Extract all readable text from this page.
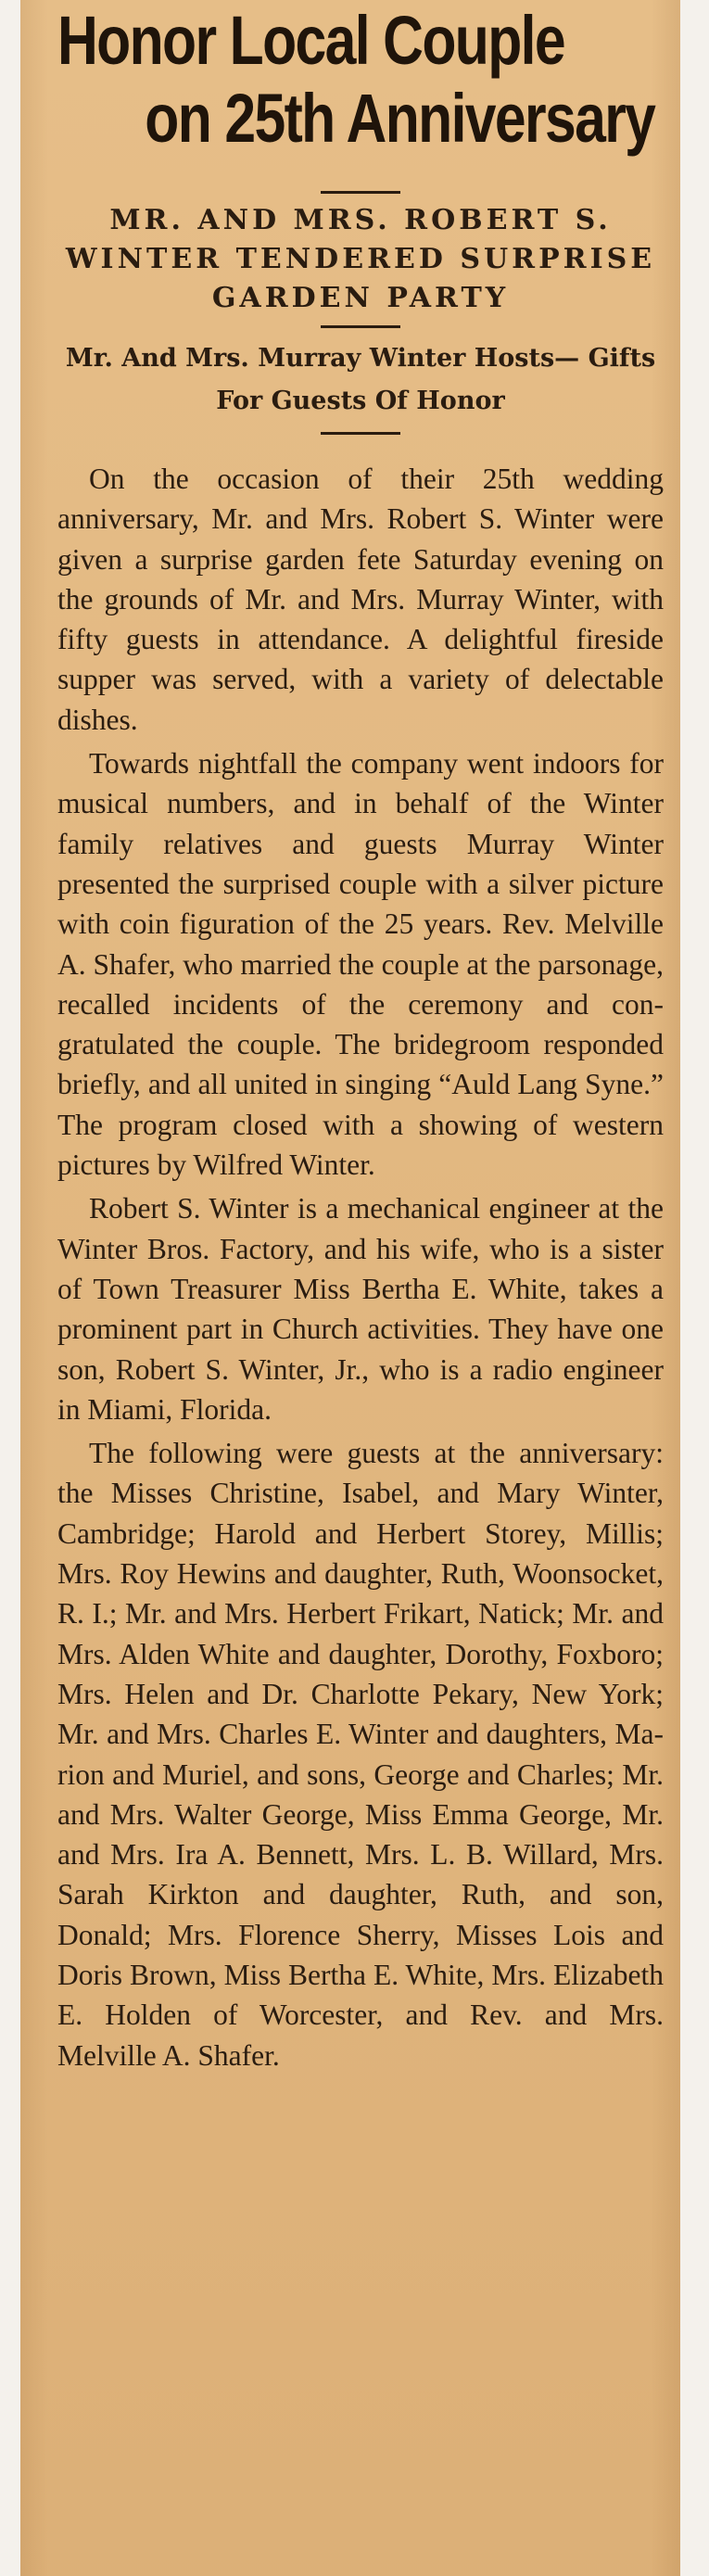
Honor Local Couple
on 25th Anniversary
MR. AND MRS. ROBERT S. WINTER TENDERED SURPRISE GARDEN PARTY
Mr. And Mrs. Murray Winter Hosts— Gifts For Guests Of Honor

On the occasion of their 25th wedding anniversary, Mr. and Mrs. Robert S. Winter were given a surprise garden fete Saturday evening on the grounds of Mr. and Mrs. Murray Winter, with fifty guests in attendance. A delightful fireside supper was served, with a variety of delectable dishes.

Towards nightfall the company went indoors for musical numbers, and in behalf of the Winter family relatives and guests Murray Winter presented the surprised couple with a silver picture with coin figuration of the 25 years. Rev. Melville A. Shafer, who married the couple at the parsonage, recalled incidents of the ceremony and congratulated the couple. The bridegroom responded briefly, and all united in singing “Auld Lang Syne.” The program closed with a showing of western pictures by Wilfred Winter.

Robert S. Winter is a mechanical engineer at the Winter Bros. Factory, and his wife, who is a sister of Town Treasurer Miss Bertha E. White, takes a prominent part in Church activities. They have one son, Robert S. Winter, Jr., who is a radio engineer in Miami, Florida.

The following were guests at the anniversary: the Misses Christine, Isabel, and Mary Winter, Cambridge; Harold and Herbert Storey, Millis; Mrs. Roy Hewins and daughter, Ruth, Woonsocket, R. I.; Mr. and Mrs. Herbert Frikart, Natick; Mr. and Mrs. Alden White and daughter, Dorothy, Foxboro; Mrs. Helen and Dr. Charlotte Pekary, New York; Mr. and Mrs. Charles E. Winter and daughters, Marion and Muriel, and sons, George and Charles; Mr. and Mrs. Walter George, Miss Emma George, Mr. and Mrs. Ira A. Bennett, Mrs. L. B. Willard, Mrs. Sarah Kirkton and daughter, Ruth, and son, Donald; Mrs. Florence Sherry, Misses Lois and Doris Brown, Miss Bertha E. White, Mrs. Elizabeth E. Holden of Worcester, and Rev. and Mrs. Melville A. Shafer.
